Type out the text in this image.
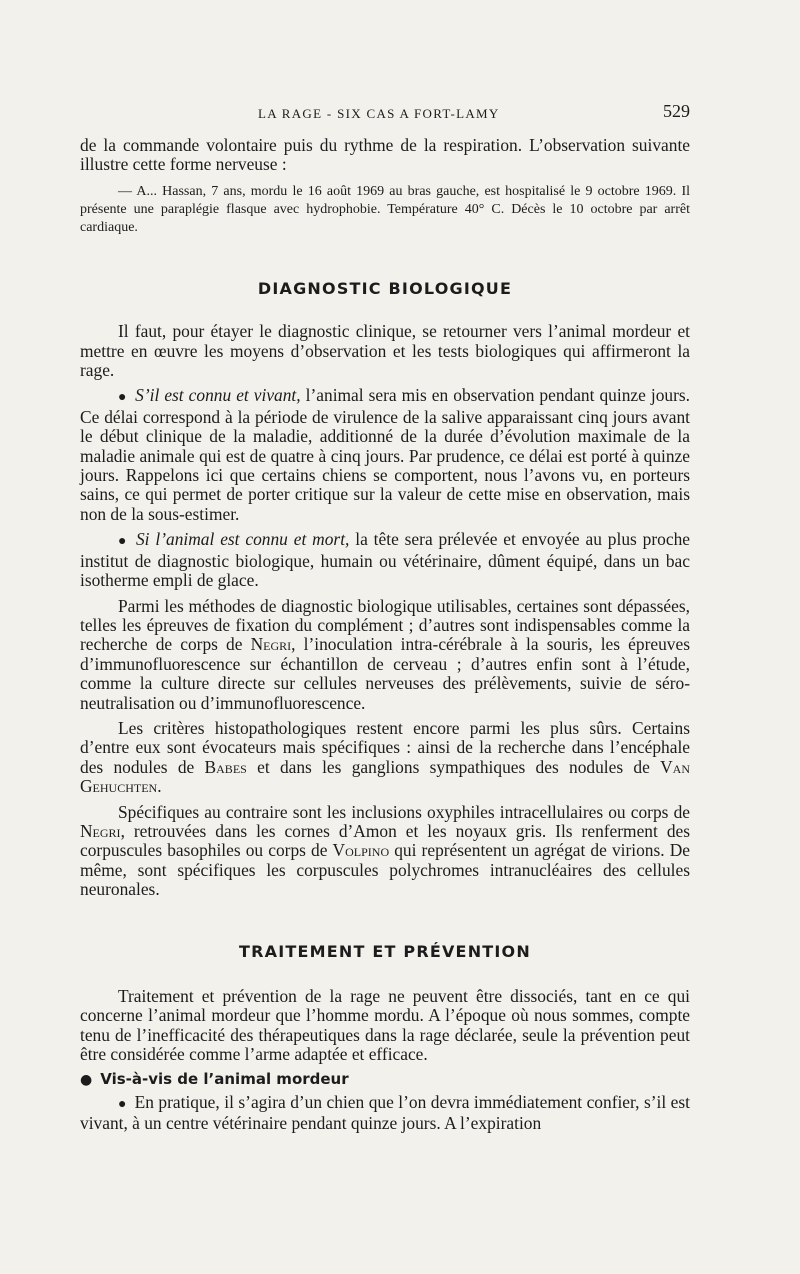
LA RAGE - SIX CAS A FORT-LAMY	529

de la commande volontaire puis du rythme de la respiration. L’observation suivante illustre cette forme nerveuse :

— A... Hassan, 7 ans, mordu le 16 août 1969 au bras gauche, est hospitalisé le 9 octobre 1969. Il présente une paraplégie flasque avec hydrophobie. Température 40° C. Décès le 10 octobre par arrêt cardiaque.

DIAGNOSTIC BIOLOGIQUE

Il faut, pour étayer le diagnostic clinique, se retourner vers l’animal mordeur et mettre en œuvre les moyens d’observation et les tests biologiques qui affirmeront la rage.

● S’il est connu et vivant, l’animal sera mis en observation pendant quinze jours. Ce délai correspond à la période de virulence de la salive apparaissant cinq jours avant le début clinique de la maladie, additionné de la durée d’évolution maximale de la maladie animale qui est de quatre à cinq jours. Par prudence, ce délai est porté à quinze jours. Rappelons ici que certains chiens se comportent, nous l’avons vu, en porteurs sains, ce qui permet de porter critique sur la valeur de cette mise en observation, mais non de la sous-estimer.

● Si l’animal est connu et mort, la tête sera prélevée et envoyée au plus proche institut de diagnostic biologique, humain ou vétérinaire, dûment équipé, dans un bac isotherme empli de glace.

Parmi les méthodes de diagnostic biologique utilisables, certaines sont dépassées, telles les épreuves de fixation du complément ; d’autres sont indispensables comme la recherche de corps de Negri, l’inoculation intra-cérébrale à la souris, les épreuves d’immunofluorescence sur échantillon de cerveau ; d’autres enfin sont à l’étude, comme la culture directe sur cellules nerveuses des prélèvements, suivie de séro-neutralisation ou d’immunofluorescence.

Les critères histopathologiques restent encore parmi les plus sûrs. Certains d’entre eux sont évocateurs mais spécifiques : ainsi de la recherche dans l’encéphale des nodules de Babes et dans les ganglions sympathiques des nodules de Van Gehuchten.

Spécifiques au contraire sont les inclusions oxyphiles intracellulaires ou corps de Negri, retrouvées dans les cornes d’Amon et les noyaux gris. Ils renferment des corpuscules basophiles ou corps de Volpino qui représentent un agrégat de virions. De même, sont spécifiques les corpuscules polychromes intranucléaires des cellules neuronales.

TRAITEMENT ET PRÉVENTION

Traitement et prévention de la rage ne peuvent être dissociés, tant en ce qui concerne l’animal mordeur que l’homme mordu. A l’époque où nous sommes, compte tenu de l’inefficacité des thérapeutiques dans la rage déclarée, seule la prévention peut être considérée comme l’arme adaptée et efficace.

● Vis-à-vis de l’animal mordeur

● En pratique, il s’agira d’un chien que l’on devra immédiatement confier, s’il est vivant, à un centre vétérinaire pendant quinze jours. A l’expiration
